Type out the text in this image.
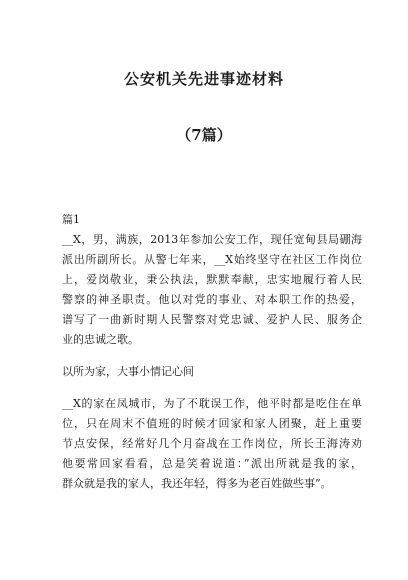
公安机关先进事迹材料
（7篇）
篇1
__X，男，满族，2013年参加公安工作，现任宽甸县局硼海
派出所副所长。从警七年来，__X始终坚守在社区工作岗位
上，爱岗敬业，秉公执法，默默奉献，忠实地履行着人民
警察的神圣职责。他以对党的事业、对本职工作的热爱，
谱写了一曲新时期人民警察对党忠诚、爱护人民、服务企
业的忠诚之歌。
以所为家，大事小情记心间
__X的家在凤城市，为了不耽误工作，他平时都是吃住在单
位，只在周末不值班的时候才回家和家人团聚，赶上重要
节点安保，经常好几个月奋战在工作岗位，所长王海涛劝
他要常回家看看，总是笑着说道：”派出所就是我的家，
群众就是我的家人，我还年轻，得多为老百姓做些事”。
